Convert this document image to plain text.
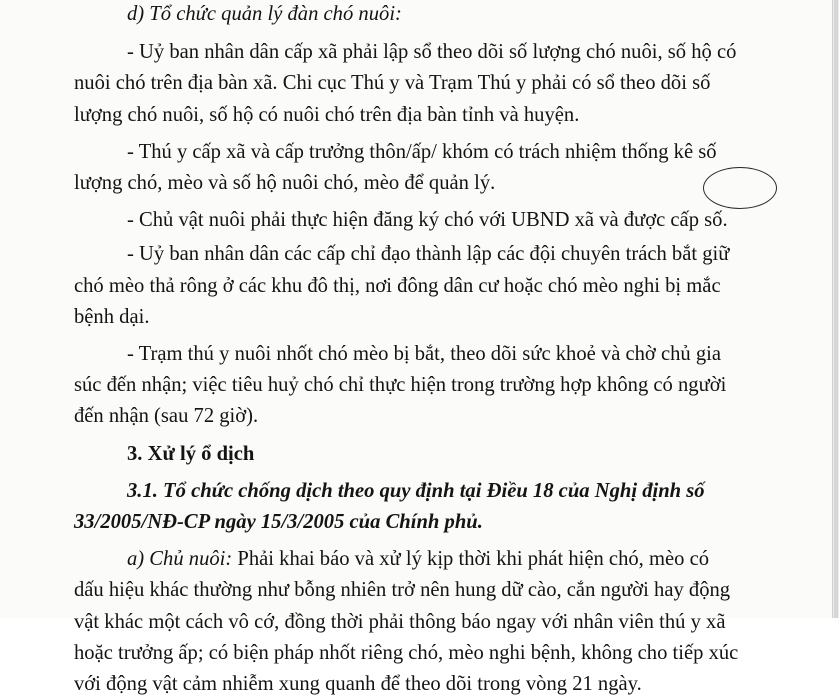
d) Tổ chức quản lý đàn chó nuôi:
- Uỷ ban nhân dân cấp xã phải lập sổ theo dõi số lượng chó nuôi, số hộ có
nuôi chó trên địa bàn xã. Chi cục Thú y và Trạm Thú y phải có sổ theo dõi số
lượng chó nuôi, số hộ có nuôi chó trên địa bàn tỉnh và huyện.
- Thú y cấp xã và cấp trưởng thôn/ấp/ khóm có trách nhiệm thống kê số
lượng chó, mèo và số hộ nuôi chó, mèo để quản lý.
- Chủ vật nuôi phải thực hiện đăng ký chó với UBND xã và được cấp số.
- Uỷ ban nhân dân các cấp chỉ đạo thành lập các đội chuyên trách bắt giữ
chó mèo thả rông ở các khu đô thị, nơi đông dân cư hoặc chó mèo nghi bị mắc
bệnh dại.
- Trạm thú y nuôi nhốt chó mèo bị bắt, theo dõi sức khoẻ và chờ chủ gia
súc đến nhận; việc tiêu huỷ chó chỉ thực hiện trong trường hợp không có người
đến nhận (sau 72 giờ).
3. Xử lý ổ dịch
3.1. Tổ chức chống dịch theo quy định tại Điều 18 của Nghị định số
33/2005/NĐ-CP ngày 15/3/2005 của Chính phủ.
a) Chủ nuôi: Phải khai báo và xử lý kịp thời khi phát hiện chó, mèo có
dấu hiệu khác thường như bỗng nhiên trở nên hung dữ cào, cắn người hay động
vật khác một cách vô cớ, đồng thời phải thông báo ngay với nhân viên thú y xã
hoặc trưởng ấp; có biện pháp nhốt riêng chó, mèo nghi bệnh, không cho tiếp xúc
với động vật cảm nhiễm xung quanh để theo dõi trong vòng 21 ngày.
